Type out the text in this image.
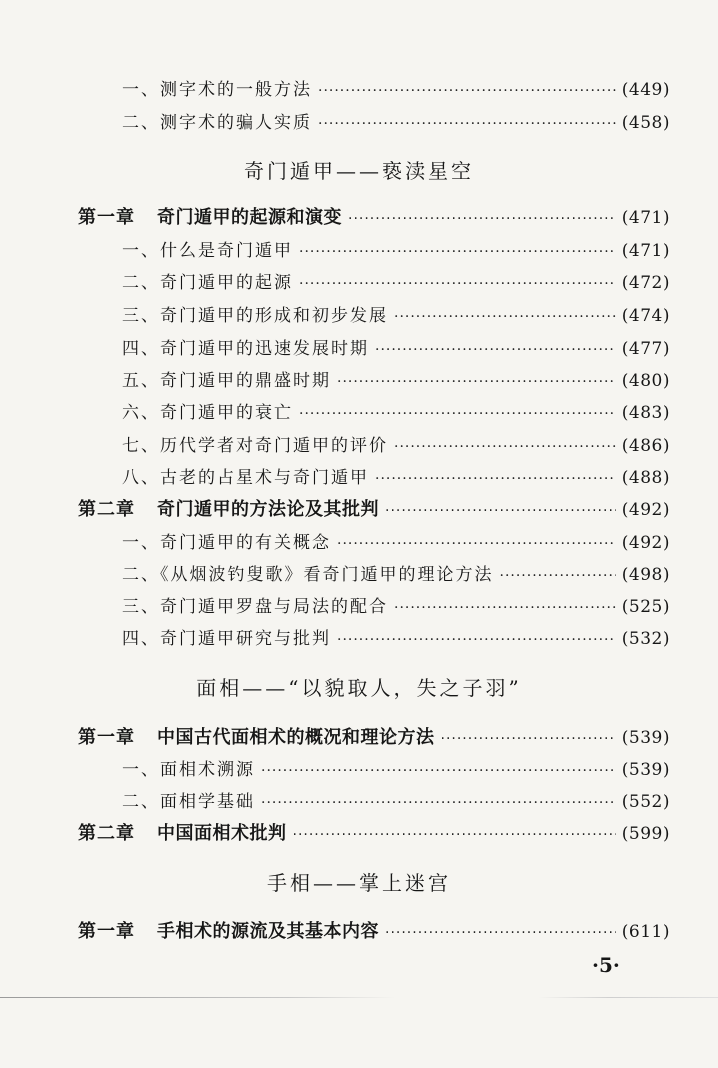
一、测字术的一般方法 ·····	(449)
二、测字术的骗人实质 ·····	(458)
奇门遁甲——亵渎星空
第一章 奇门遁甲的起源和演变 ·····	(471)
一、什么是奇门遁甲 ·····	(471)
二、奇门遁甲的起源 ·····	(472)
三、奇门遁甲的形成和初步发展 ·····	(474)
四、奇门遁甲的迅速发展时期 ·····	(477)
五、奇门遁甲的鼎盛时期 ·····	(480)
六、奇门遁甲的衰亡 ·····	(483)
七、历代学者对奇门遁甲的评价 ·····	(486)
八、古老的占星术与奇门遁甲 ·····	(488)
第二章 奇门遁甲的方法论及其批判 ·····	(492)
一、奇门遁甲的有关概念 ·····	(492)
二、《从烟波钓叟歌》看奇门遁甲的理论方法 ·····	(498)
三、奇门遁甲罗盘与局法的配合 ·····	(525)
四、奇门遁甲研究与批判 ·····	(532)
面相——“以貌取人，失之子羽”
第一章 中国古代面相术的概况和理论方法 ·····	(539)
一、面相术溯源 ·····	(539)
二、面相学基础 ·····	(552)
第二章 中国面相术批判 ·····	(599)
手相——掌上迷宫
第一章 手相术的源流及其基本内容 ·····	(611)
·5·
